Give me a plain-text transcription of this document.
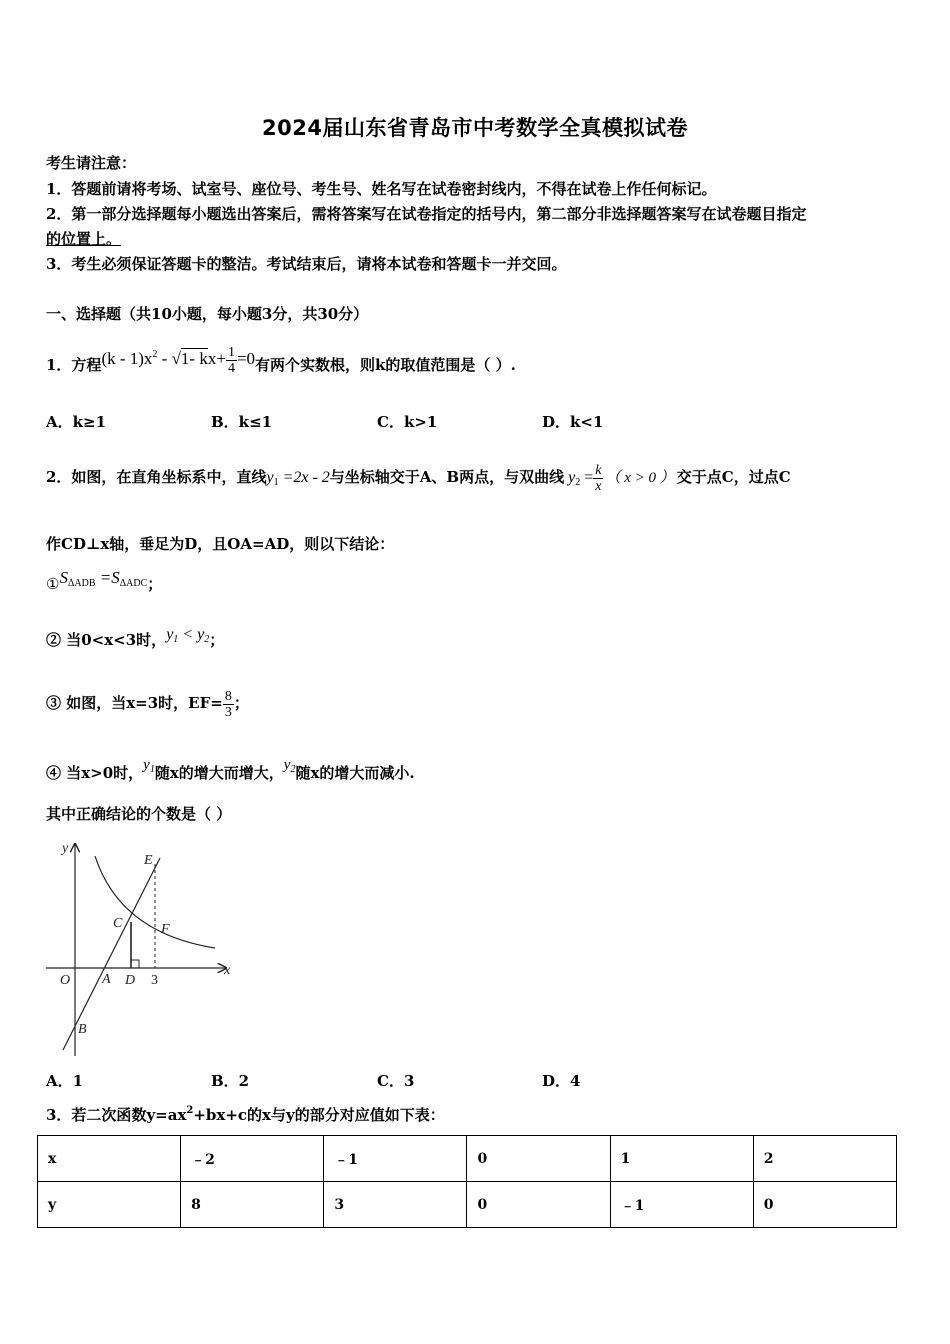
2024届山东省青岛市中考数学全真模拟试卷
考生请注意：
1．答题前请将考场、试室号、座位号、考生号、姓名写在试卷密封线内，不得在试卷上作任何标记。
2．第一部分选择题每小题选出答案后，需将答案写在试卷指定的括号内，第二部分非选择题答案写在试卷题目指定
的位置上。
3．考生必须保证答题卡的整洁。考试结束后，请将本试卷和答题卡一并交回。
一、选择题（共10小题，每小题3分，共30分）
1．方程$(k - 1)x^2 - √1-$ $kx+ \frac{1}{4} =0$有两个实数根，则k的取值范围是（ ）.
A．k≥1	B．k≤1	C．k>1	D．k<1
2．如图，在直角坐标系中，直线$y_1 =2x - 2$与坐标轴交于A、B两点，与双曲线 $y_2 = \frac{k}{x}$ （ x > 0 ） 交于点C，过点C
作CD⊥x轴，垂足为D，且OA=AD，则以下结论：
$①S_{\Delta ADB} =S_{\Delta ADC}$；
② 当0<x<3时，$y_1 < y_2$；
③ 如图，当x=3时，$EF= \frac{8}{3}$ ；
④ 当x>0时，$y_1$随x的增大而增大，$y_2$随x的增大而减小.
其中正确结论的个数是（ ）
y
x
O A
B
C
D
E
F
3
A．1	B．2	C．3	D．4
3．若二次函数$y=ax^2+bx+c$的x与y的部分对应值如下表：
x	﹣2	﹣1	0	1	2
y	8	3	0	﹣1	0
